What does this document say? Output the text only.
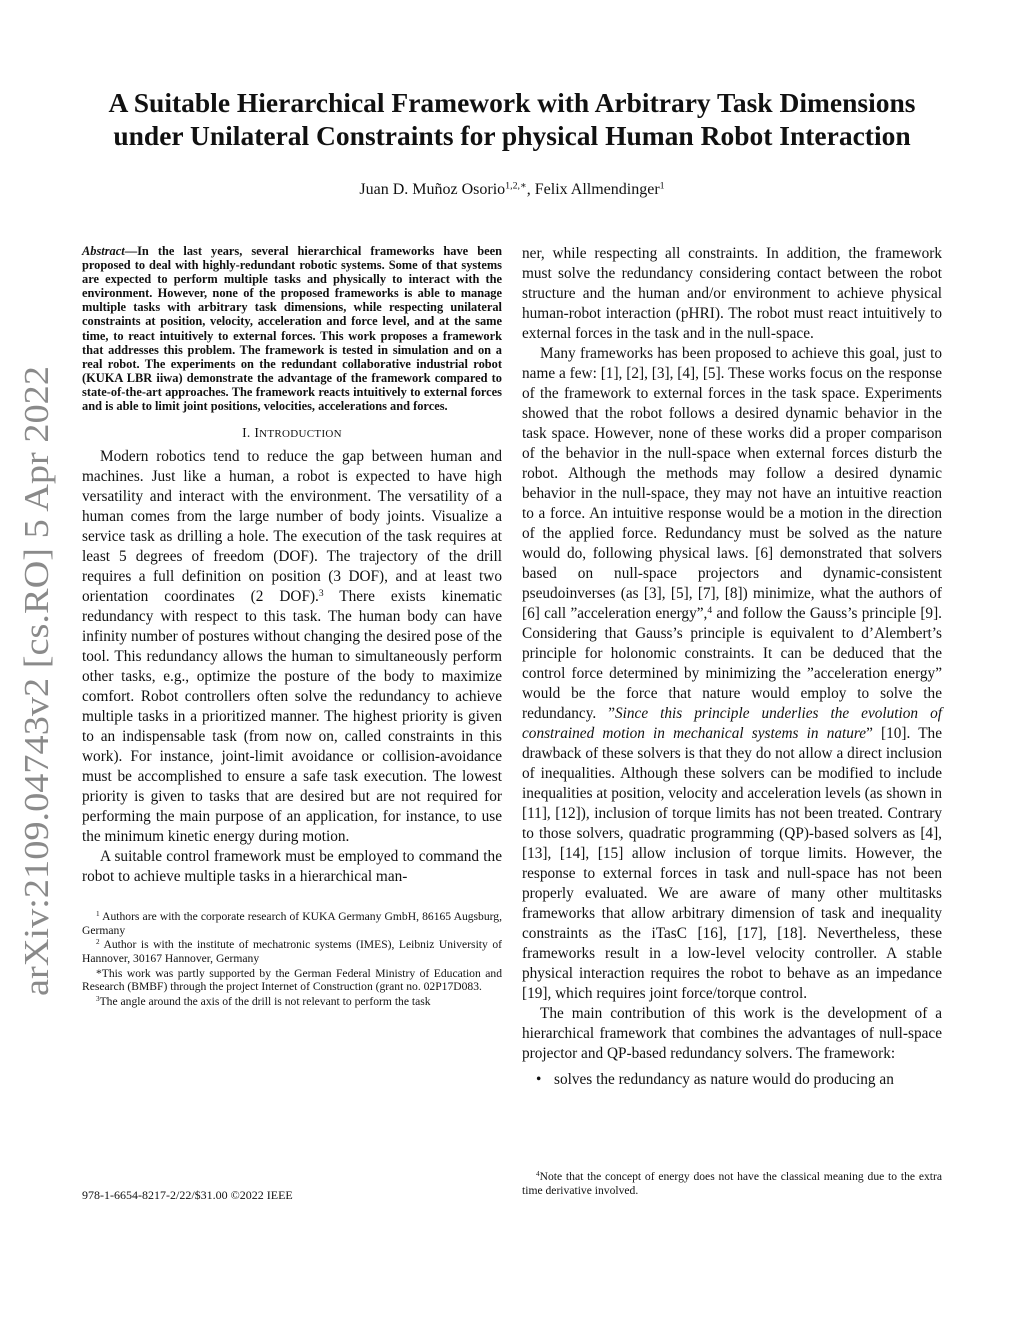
arXiv:2109.04743v2 [cs.RO] 5 Apr 2022
A Suitable Hierarchical Framework with Arbitrary Task Dimensions
under Unilateral Constraints for physical Human Robot Interaction
Juan D. Muñoz Osorio$^{1,2,∗}$, Felix Allmendinger$^1$

Abstract—In the last years, several hierarchical frameworks have been proposed to deal with highly-redundant robotic systems. Some of that systems are expected to perform multiple tasks and physically to interact with the environment. However, none of the proposed frameworks is able to manage multiple tasks with arbitrary task dimensions, while respecting unilateral constraints at position, velocity, acceleration and force level, and at the same time, to react intuitively to external forces. This work proposes a framework that addresses this problem. The framework is tested in simulation and on a real robot. The experiments on the redundant collaborative industrial robot (KUKA LBR iiwa) demonstrate the advantage of the framework compared to state-of-the-art approaches. The framework reacts intuitively to external forces and is able to limit joint positions, velocities, accelerations and forces.

I. INTRODUCTION

Modern robotics tend to reduce the gap between human and machines. Just like a human, a robot is expected to have high versatility and interact with the environment. The versatility of a human comes from the large number of body joints. Visualize a service task as drilling a hole. The execution of the task requires at least 5 degrees of freedom (DOF). The trajectory of the drill requires a full definition on position (3 DOF), and at least two orientation coordinates (2 DOF).$^3$ There exists kinematic redundancy with respect to this task. The human body can have infinity number of postures without changing the desired pose of the tool. This redundancy allows the human to simultaneously perform other tasks, e.g., optimize the posture of the body to maximize comfort. Robot controllers often solve the redundancy to achieve multiple tasks in a prioritized manner. The highest priority is given to an indispensable task (from now on, called constraints in this work). For instance, joint-limit avoidance or collision-avoidance must be accomplished to ensure a safe task execution. The lowest priority is given to tasks that are desired but are not required for performing the main purpose of an application, for instance, to use the minimum kinetic energy during motion.

A suitable control framework must be employed to command the robot to achieve multiple tasks in a hierarchical man-

$^1$ Authors are with the corporate research of KUKA Germany GmbH, 86165 Augsburg, Germany

$^2$ Author is with the institute of mechatronic systems (IMES), Leibniz University of Hannover, 30167 Hannover, Germany

*This work was partly supported by the German Federal Ministry of Education and Research (BMBF) through the project Internet of Construction (grant no. 02P17D083.

$^3$The angle around the axis of the drill is not relevant to perform the task

978-1-6654-8217-2/22/$31.00 ©2022 IEEE

ner, while respecting all constraints. In addition, the framework must solve the redundancy considering contact between the robot structure and the human and/or environment to achieve physical human-robot interaction (pHRI). The robot must react intuitively to external forces in the task and in the null-space.

Many frameworks has been proposed to achieve this goal, just to name a few: [1], [2], [3], [4], [5]. These works focus on the response of the framework to external forces in the task space. Experiments showed that the robot follows a desired dynamic behavior in the task space. However, none of these works did a proper comparison of the behavior in the null-space when external forces disturb the robot. Although the methods may follow a desired dynamic behavior in the null-space, they may not have an intuitive reaction to a force. An intuitive response would be a motion in the direction of the applied force. Redundancy must be solved as the nature would do, following physical laws. [6] demonstrated that solvers based on null-space projectors and dynamic-consistent pseudoinverses (as [3], [5], [7], [8]) minimize, what the authors of [6] call ”acceleration energy”,$^4$ and follow the Gauss’s principle [9]. Considering that Gauss’s principle is equivalent to d’Alembert’s principle for holonomic constraints. It can be deduced that the control force determined by minimizing the ”acceleration energy” would be the force that nature would employ to solve the redundancy. ”Since this principle underlies the evolution of constrained motion in mechanical systems in nature” [10]. The drawback of these solvers is that they do not allow a direct inclusion of inequalities. Although these solvers can be modified to include inequalities at position, velocity and acceleration levels (as shown in [11], [12]), inclusion of torque limits has not been treated. Contrary to those solvers, quadratic programming (QP)-based solvers as [4], [13], [14], [15] allow inclusion of torque limits. However, the response to external forces in task and null-space has not been properly evaluated. We are aware of many other multitasks frameworks that allow arbitrary dimension of task and inequality constraints as the iTasC [16], [17], [18]. Nevertheless, these frameworks result in a low-level velocity controller. A stable physical interaction requires the robot to behave as an impedance [19], which requires joint force/torque control.

The main contribution of this work is the development of a hierarchical framework that combines the advantages of null-space projector and QP-based redundancy solvers. The framework:

• solves the redundancy as nature would do producing an

$^4$Note that the concept of energy does not have the classical meaning due to the extra time derivative involved.
